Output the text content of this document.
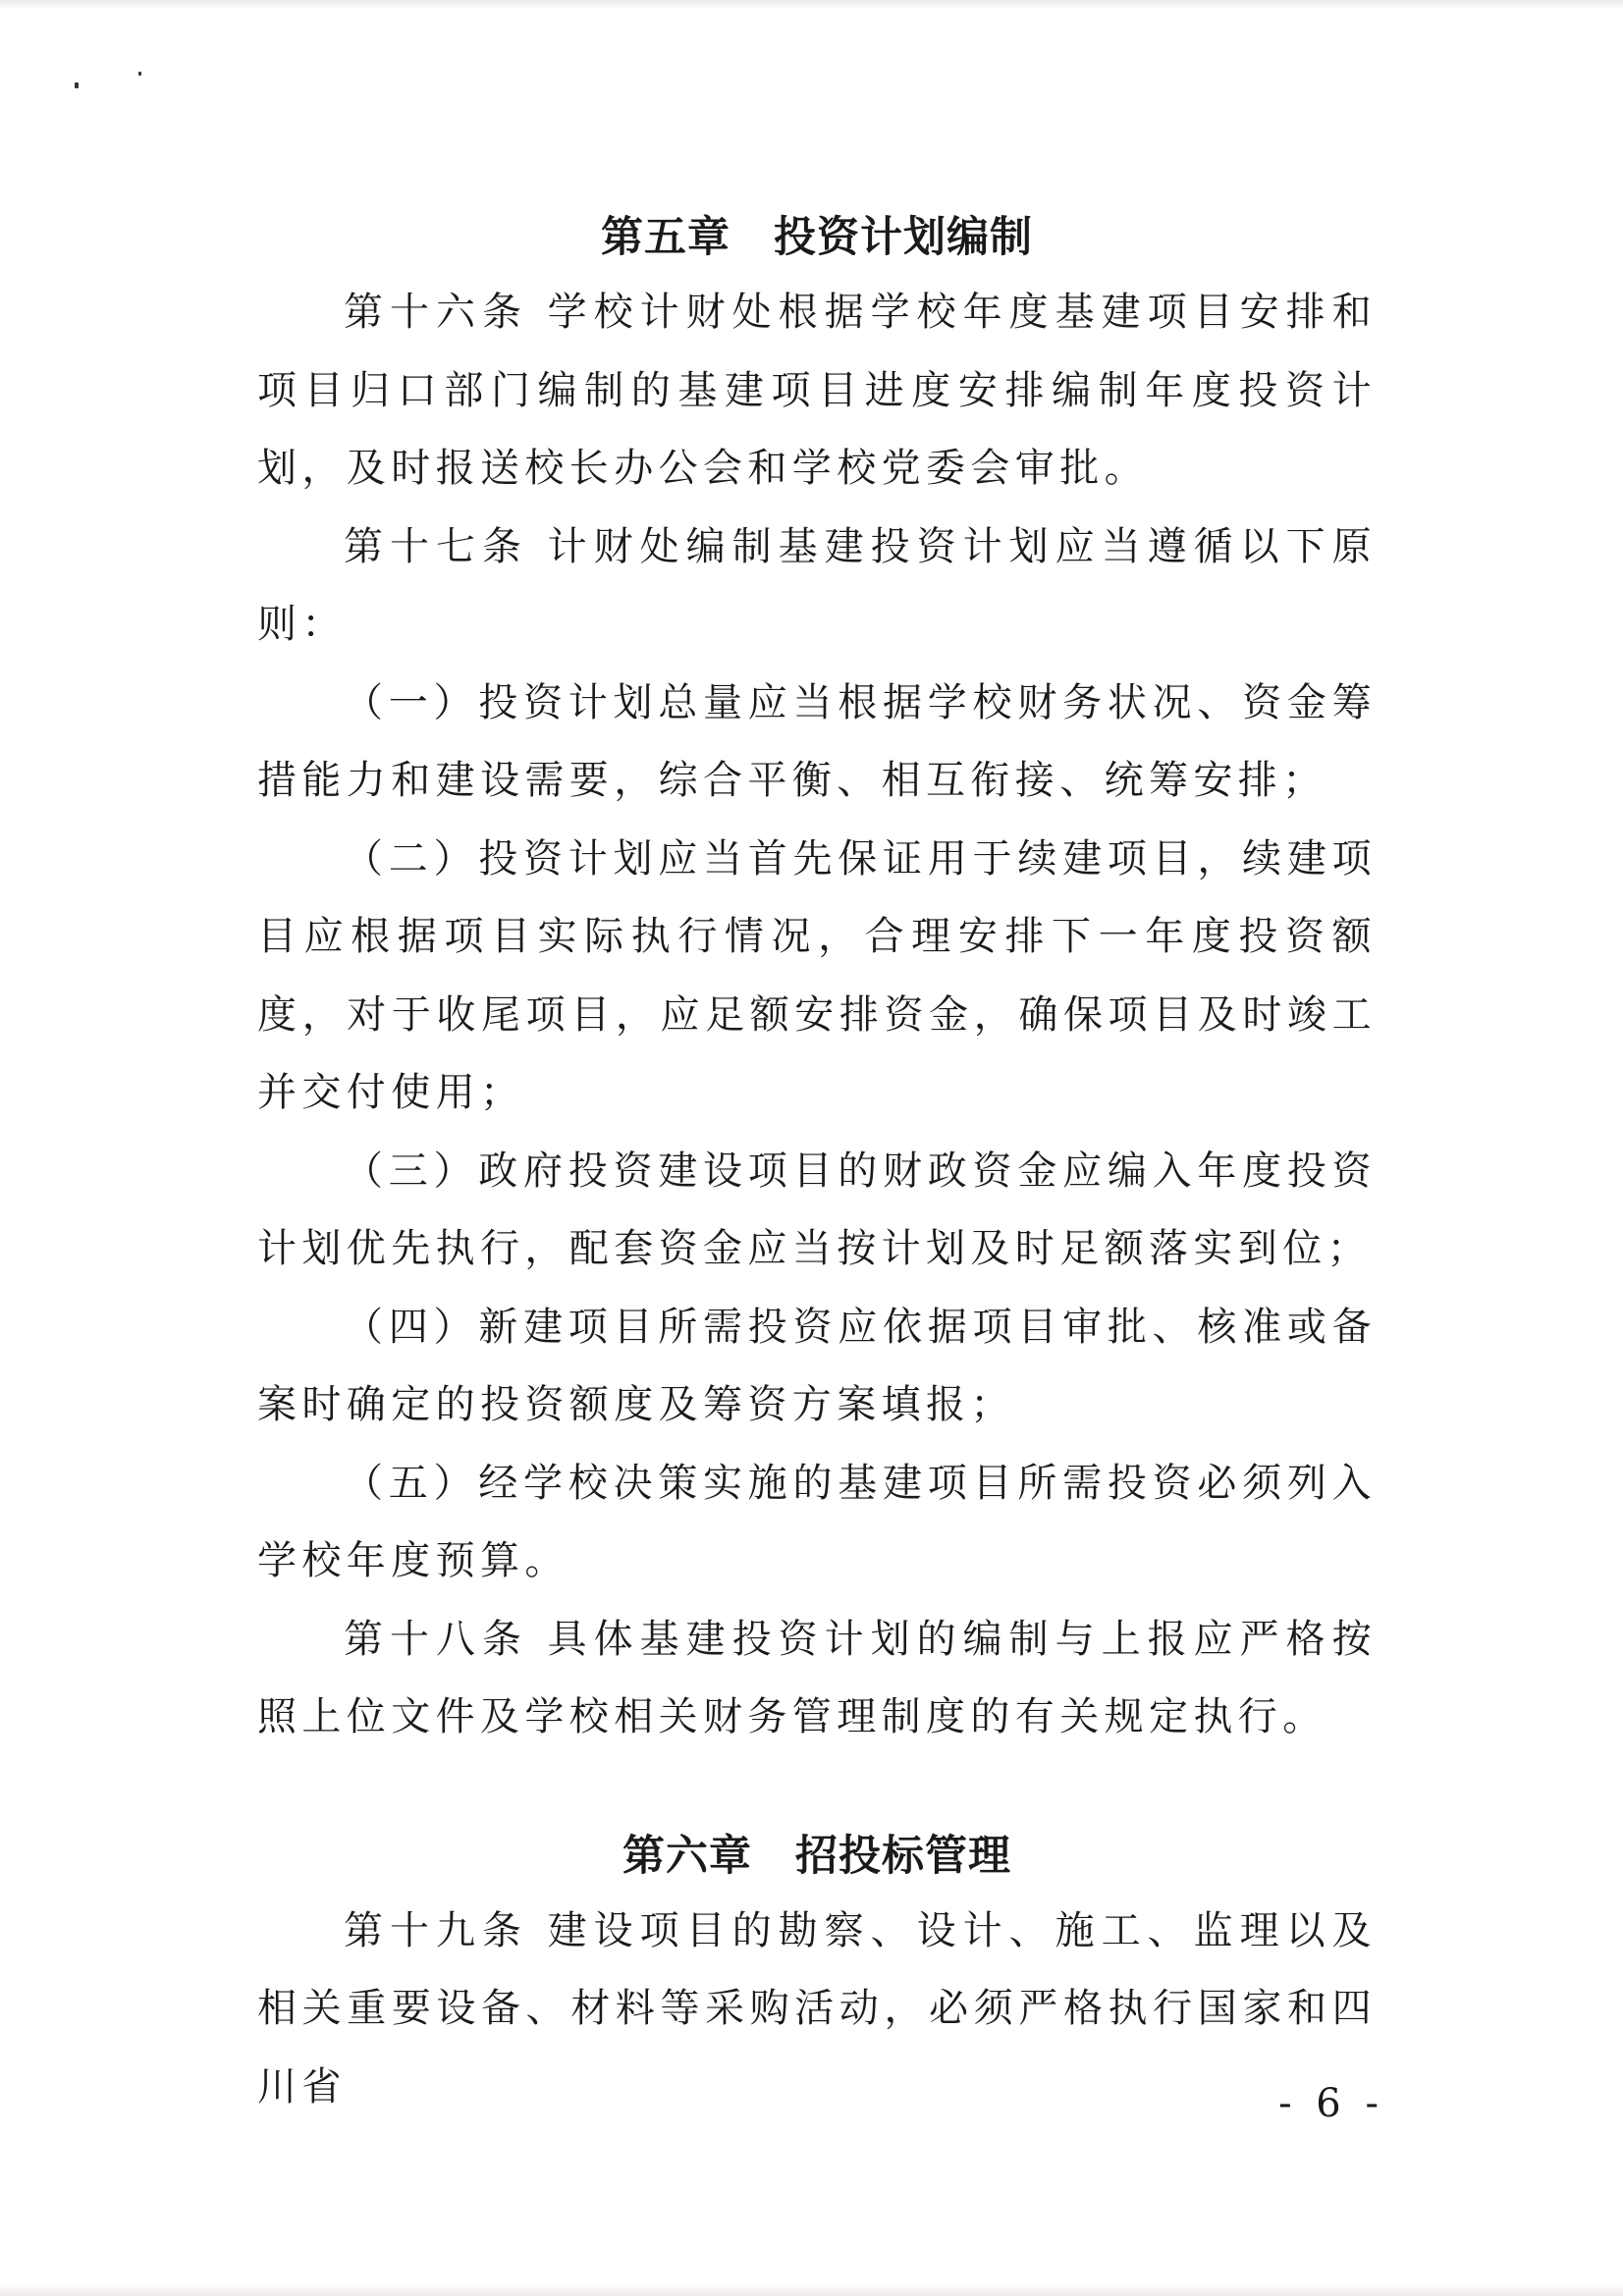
第五章　投资计划编制

第十六条 学校计财处根据学校年度基建项目安排和项目归口部门编制的基建项目进度安排编制年度投资计划，及时报送校长办公会和学校党委会审批。

第十七条 计财处编制基建投资计划应当遵循以下原则：

（一）投资计划总量应当根据学校财务状况、资金筹措能力和建设需要，综合平衡、相互衔接、统筹安排；

（二）投资计划应当首先保证用于续建项目，续建项目应根据项目实际执行情况，合理安排下一年度投资额度，对于收尾项目，应足额安排资金，确保项目及时竣工并交付使用；

（三）政府投资建设项目的财政资金应编入年度投资计划优先执行，配套资金应当按计划及时足额落实到位；

（四）新建项目所需投资应依据项目审批、核准或备案时确定的投资额度及筹资方案填报；

（五）经学校决策实施的基建项目所需投资必须列入学校年度预算。

第十八条 具体基建投资计划的编制与上报应严格按照上位文件及学校相关财务管理制度的有关规定执行。

第六章　招投标管理

第十九条 建设项目的勘察、设计、施工、监理以及相关重要设备、材料等采购活动，必须严格执行国家和四川省	- 6 -
